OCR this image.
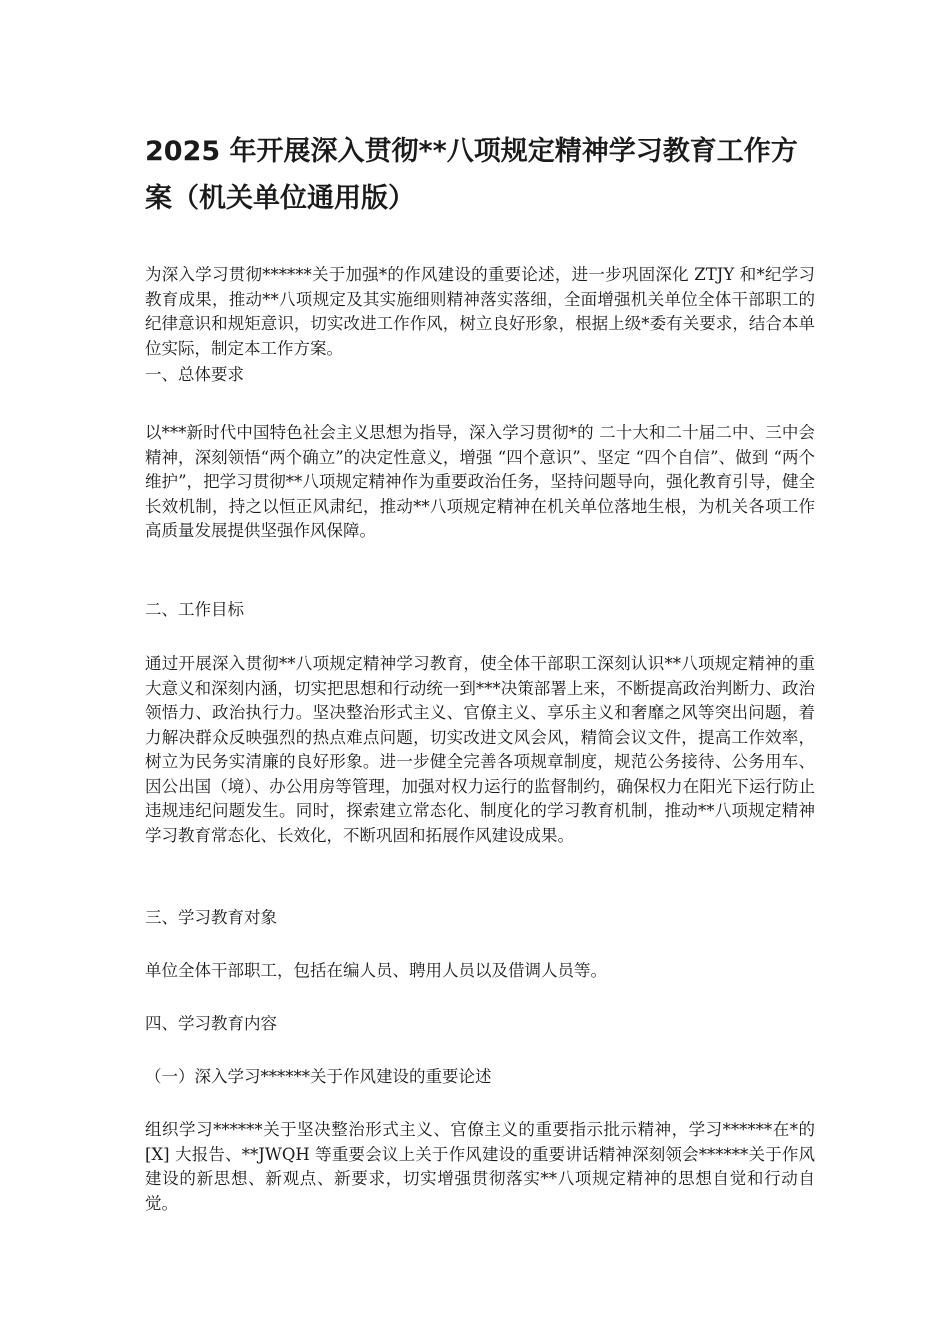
2025 年开展深入贯彻**八项规定精神学习教育工作方
案（机关单位通用版）

为深入学习贯彻******关于加强*的作风建设的重要论述，进一步巩固深化 ZTJY 和*纪学习教育成果，推动**八项规定及其实施细则精神落实落细，全面增强机关单位全体干部职工的纪律意识和规矩意识，切实改进工作作风，树立良好形象，根据上级*委有关要求，结合本单位实际，制定本工作方案。

一、总体要求

以***新时代中国特色社会主义思想为指导，深入学习贯彻*的 二十大和二十届二中、三中会精神，深刻领悟“两个确立”的决定性意义，增强 “四个意识”、坚定 “四个自信”、做到 “两个维护”，把学习贯彻**八项规定精神作为重要政治任务，坚持问题导向，强化教育引导，健全长效机制，持之以恒正风肃纪，推动**八项规定精神在机关单位落地生根，为机关各项工作高质量发展提供坚强作风保障。

二、工作目标

通过开展深入贯彻**八项规定精神学习教育，使全体干部职工深刻认识**八项规定精神的重大意义和深刻内涵，切实把思想和行动统一到***决策部署上来，不断提高政治判断力、政治领悟力、政治执行力。坚决整治形式主义、官僚主义、享乐主义和奢靡之风等突出问题，着力解决群众反映强烈的热点难点问题，切实改进文风会风，精简会议文件，提高工作效率，树立为民务实清廉的良好形象。进一步健全完善各项规章制度，规范公务接待、公务用车、因公出国（境）、办公用房等管理，加强对权力运行的监督制约，确保权力在阳光下运行防止违规违纪问题发生。同时，探索建立常态化、制度化的学习教育机制，推动**八项规定精神学习教育常态化、长效化，不断巩固和拓展作风建设成果。

三、学习教育对象

单位全体干部职工，包括在编人员、聘用人员以及借调人员等。

四、学习教育内容

（一）深入学习******关于作风建设的重要论述

组织学习******关于坚决整治形式主义、官僚主义的重要指示批示精神，学习******在*的 [X] 大报告、**JWQH 等重要会议上关于作风建设的重要讲话精神深刻领会******关于作风建设的新思想、新观点、新要求，切实增强贯彻落实**八项规定精神的思想自觉和行动自觉。
